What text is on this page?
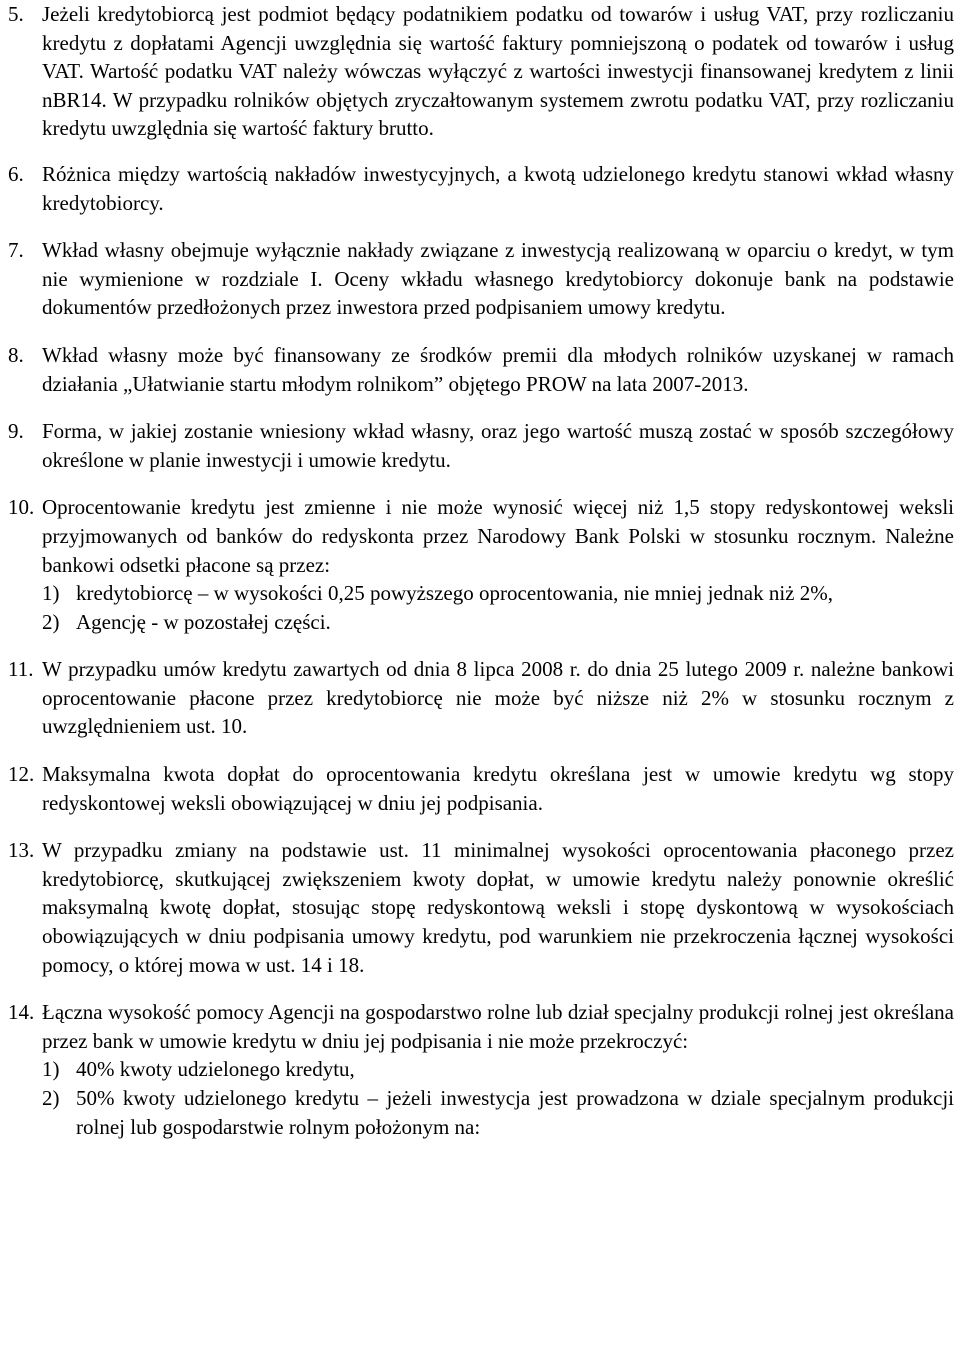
5. Jeżeli kredytobiorcą jest podmiot będący podatnikiem podatku od towarów i usług VAT, przy rozliczaniu kredytu z dopłatami Agencji uwzględnia się wartość faktury pomniejszoną o podatek od towarów i usług VAT. Wartość podatku VAT należy wówczas wyłączyć z wartości inwestycji finansowanej kredytem z linii nBR14. W przypadku rolników objętych zryczałtowanym systemem zwrotu podatku VAT, przy rozliczaniu kredytu uwzględnia się wartość faktury brutto.

6. Różnica między wartością nakładów inwestycyjnych, a kwotą udzielonego kredytu stanowi wkład własny kredytobiorcy.

7. Wkład własny obejmuje wyłącznie nakłady związane z inwestycją realizowaną w oparciu o kredyt, w tym nie wymienione w rozdziale I. Oceny wkładu własnego kredytobiorcy dokonuje bank na podstawie dokumentów przedłożonych przez inwestora przed podpisaniem umowy kredytu.

8. Wkład własny może być finansowany ze środków premii dla młodych rolników uzyskanej w ramach działania „Ułatwianie startu młodym rolnikom” objętego PROW na lata 2007-2013.

9. Forma, w jakiej zostanie wniesiony wkład własny, oraz jego wartość muszą zostać w sposób szczegółowy określone w planie inwestycji i umowie kredytu.

10. Oprocentowanie kredytu jest zmienne i nie może wynosić więcej niż 1,5 stopy redyskontowej weksli przyjmowanych od banków do redyskonta przez Narodowy Bank Polski w stosunku rocznym. Należne bankowi odsetki płacone są przez:

1) kredytobiorcę – w wysokości 0,25 powyższego oprocentowania, nie mniej jednak niż 2%,
2) Agencję - w pozostałej części.
11. W przypadku umów kredytu zawartych od dnia 8 lipca 2008 r. do dnia 25 lutego 2009 r. należne bankowi oprocentowanie płacone przez kredytobiorcę nie może być niższe niż 2% w stosunku rocznym z uwzględnieniem ust. 10.

12. Maksymalna kwota dopłat do oprocentowania kredytu określana jest w umowie kredytu wg stopy redyskontowej weksli obowiązującej w dniu jej podpisania.

13. W przypadku zmiany na podstawie ust. 11 minimalnej wysokości oprocentowania płaconego przez kredytobiorcę, skutkującej zwiększeniem kwoty dopłat, w umowie kredytu należy ponownie określić maksymalną kwotę dopłat, stosując stopę redyskontową weksli i stopę dyskontową w wysokościach obowiązujących w dniu podpisania umowy kredytu, pod warunkiem nie przekroczenia łącznej wysokości pomocy, o której mowa w ust. 14 i 18.

14. Łączna wysokość pomocy Agencji na gospodarstwo rolne lub dział specjalny produkcji rolnej jest określana przez bank w umowie kredytu w dniu jej podpisania i nie może przekroczyć:

1) 40% kwoty udzielonego kredytu,
2) 50% kwoty udzielonego kredytu – jeżeli inwestycja jest prowadzona w dziale specjalnym produkcji rolnej lub gospodarstwie rolnym położonym na:
